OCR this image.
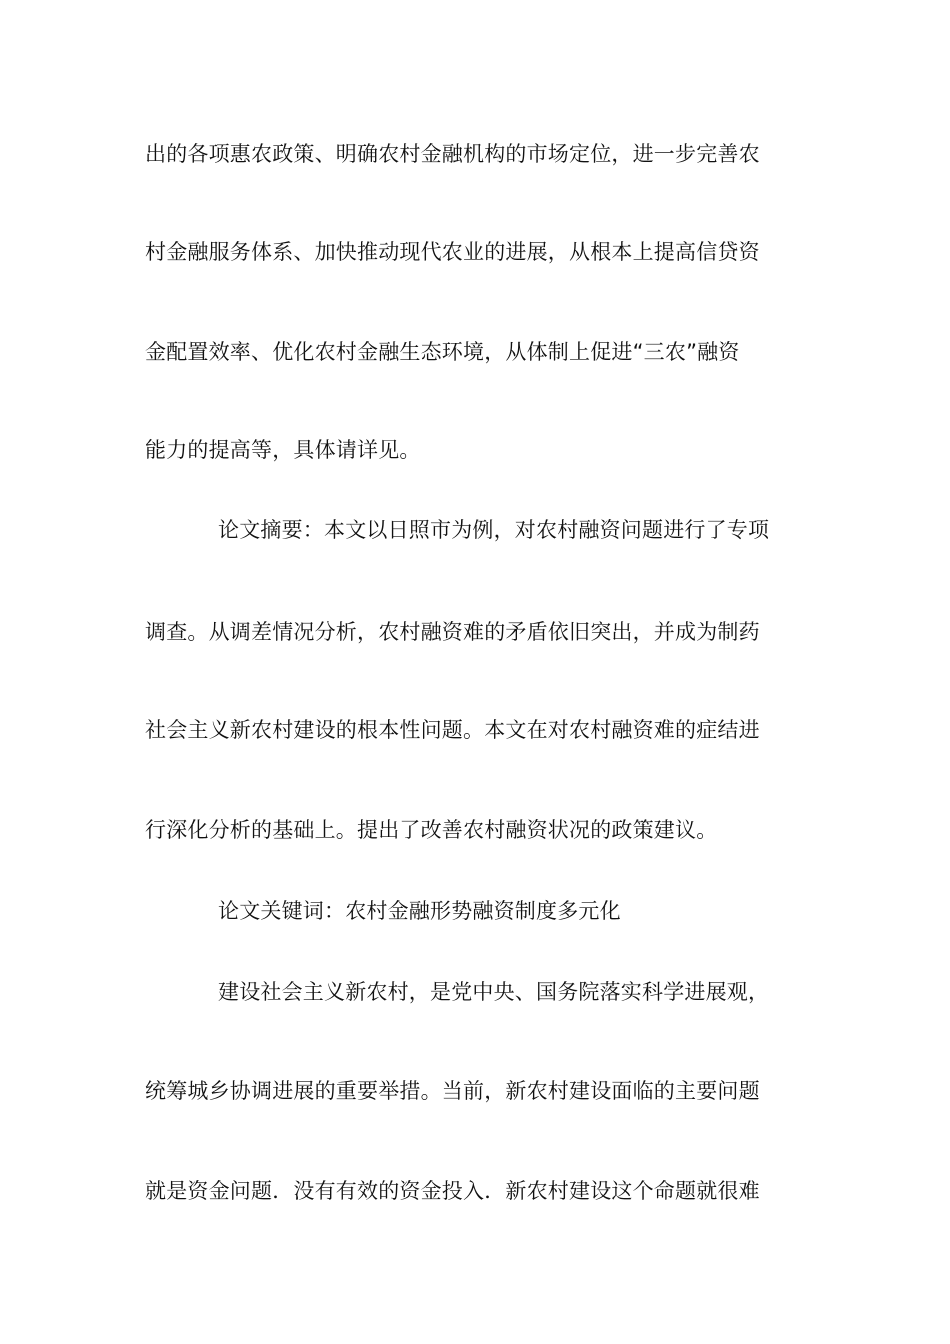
出的各项惠农政策、明确农村金融机构的市场定位，进一步完善农
村金融服务体系、加快推动现代农业的进展，从根本上提高信贷资
金配置效率、优化农村金融生态环境，从体制上促进“三农”融资
能力的提高等，具体请详见。
论文摘要：本文以日照市为例，对农村融资问题进行了专项
调查。从调差情况分析，农村融资难的矛盾依旧突出，并成为制药
社会主义新农村建设的根本性问题。本文在对农村融资难的症结进
行深化分析的基础上。提出了改善农村融资状况的政策建议。
论文关键词：农村金融形势融资制度多元化
建设社会主义新农村，是党中央、国务院落实科学进展观，
统筹城乡协调进展的重要举措。当前，新农村建设面临的主要问题
就是资金问题．没有有效的资金投入．新农村建设这个命题就很难
